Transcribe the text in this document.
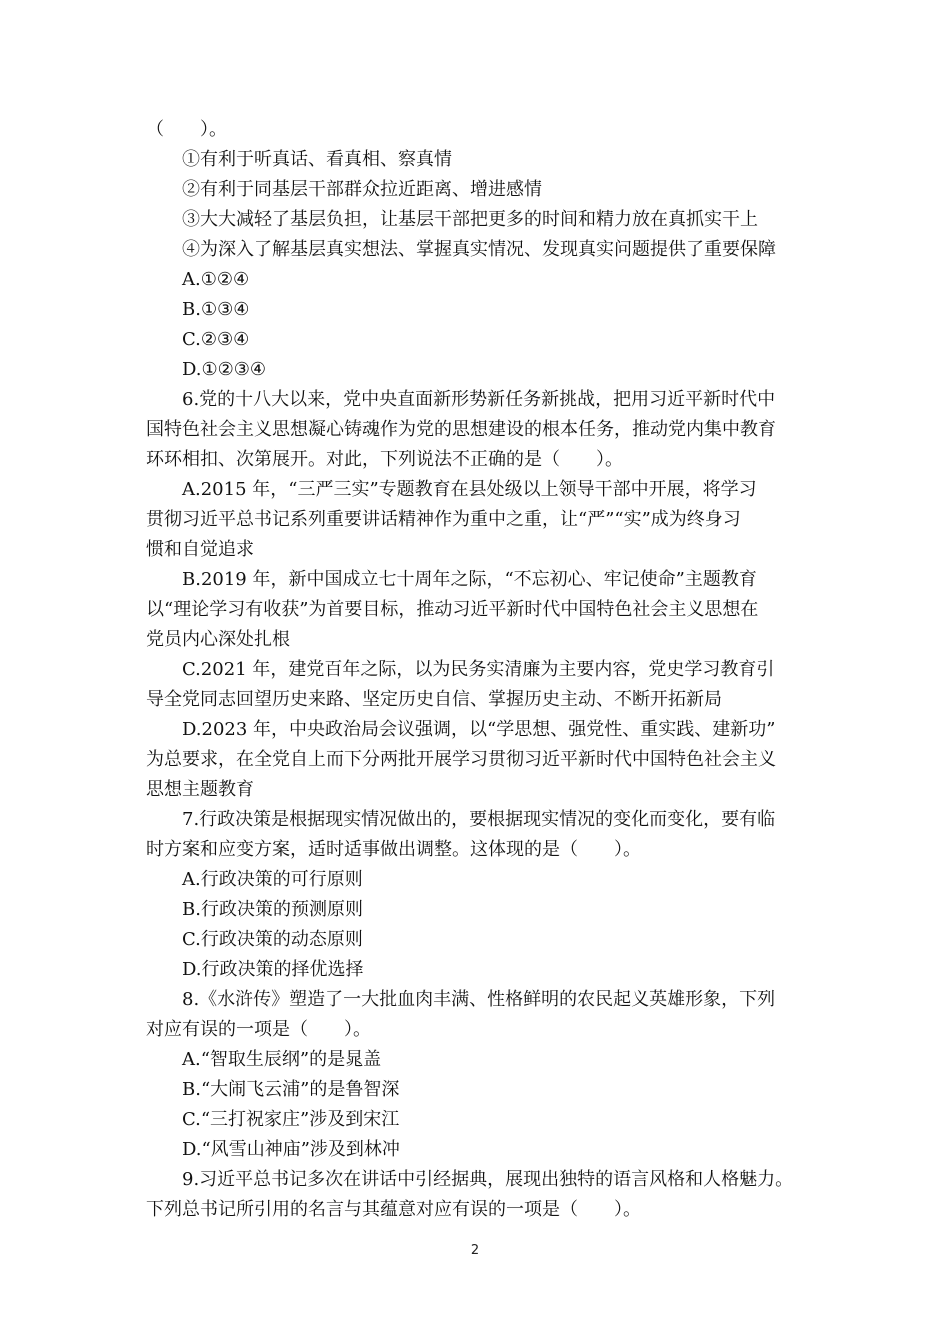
（　　）。
①有利于听真话、看真相、察真情
②有利于同基层干部群众拉近距离、增进感情
③大大减轻了基层负担，让基层干部把更多的时间和精力放在真抓实干上
④为深入了解基层真实想法、掌握真实情况、发现真实问题提供了重要保障
A.①②④
B.①③④
C.②③④
D.①②③④
6.党的十八大以来，党中央直面新形势新任务新挑战，把用习近平新时代中
国特色社会主义思想凝心铸魂作为党的思想建设的根本任务，推动党内集中教育
环环相扣、次第展开。对此，下列说法不正确的是（　　）。
A.2015 年，“三严三实”专题教育在县处级以上领导干部中开展，将学习
贯彻习近平总书记系列重要讲话精神作为重中之重，让“严”“实”成为终身习
惯和自觉追求
B.2019 年，新中国成立七十周年之际，“不忘初心、牢记使命”主题教育
以“理论学习有收获”为首要目标，推动习近平新时代中国特色社会主义思想在
党员内心深处扎根
C.2021 年，建党百年之际，以为民务实清廉为主要内容，党史学习教育引
导全党同志回望历史来路、坚定历史自信、掌握历史主动、不断开拓新局
D.2023 年，中央政治局会议强调，以“学思想、强党性、重实践、建新功”
为总要求，在全党自上而下分两批开展学习贯彻习近平新时代中国特色社会主义
思想主题教育
7.行政决策是根据现实情况做出的，要根据现实情况的变化而变化，要有临
时方案和应变方案，适时适事做出调整。这体现的是（　　）。
A.行政决策的可行原则
B.行政决策的预测原则
C.行政决策的动态原则
D.行政决策的择优选择
8.《水浒传》塑造了一大批血肉丰满、性格鲜明的农民起义英雄形象，下列
对应有误的一项是（　　）。
A.“智取生辰纲”的是晁盖
B.“大闹飞云浦”的是鲁智深
C.“三打祝家庄”涉及到宋江
D.“风雪山神庙”涉及到林冲
9.习近平总书记多次在讲话中引经据典，展现出独特的语言风格和人格魅力。
下列总书记所引用的名言与其蕴意对应有误的一项是（　　）。
2
